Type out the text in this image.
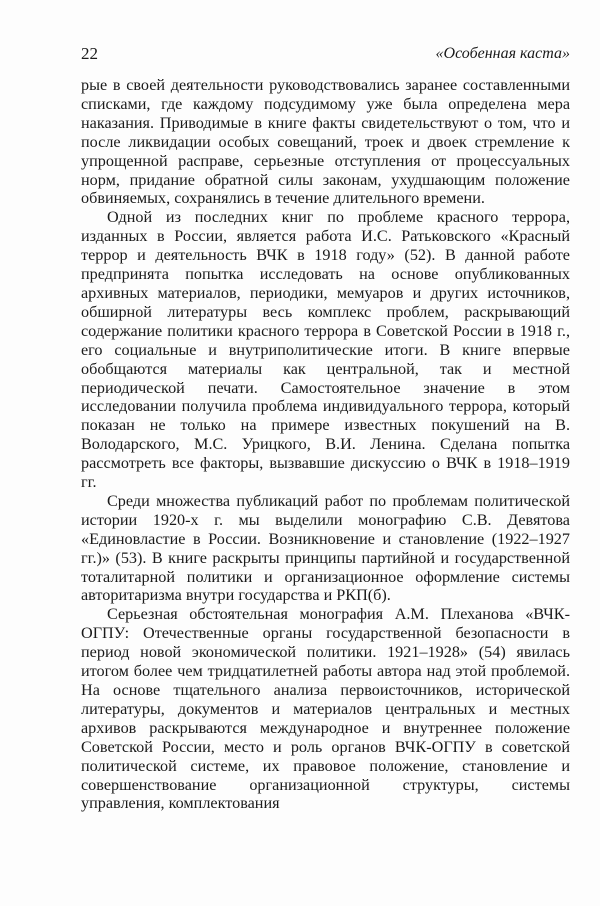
22	«Особенная каста»

рые в своей деятельности руководствовались заранее составленными списками, где каждому подсудимому уже была определена мера наказания. Приводимые в книге факты свидетельствуют о том, что и после ликвидации особых совещаний, троек и двоек стремление к упрощенной расправе, серьезные отступления от процессуальных норм, придание обратной силы законам, ухудшающим положение обвиняемых, сохранялись в течение длительного времени.

Одной из последних книг по проблеме красного террора, изданных в России, является работа И.С. Ратьковского «Красный террор и деятельность ВЧК в 1918 году» (52). В данной работе предпринята попытка исследовать на основе опубликованных архивных материалов, периодики, мемуаров и других источников, обширной литературы весь комплекс проблем, раскрывающий содержание политики красного террора в Советской России в 1918 г., его социальные и внутриполитические итоги. В книге впервые обобщаются материалы как центральной, так и местной периодической печати. Самостоятельное значение в этом исследовании получила проблема индивидуального террора, который показан не только на примере известных покушений на В. Володарского, М.С. Урицкого, В.И. Ленина. Сделана попытка рассмотреть все факторы, вызвавшие дискуссию о ВЧК в 1918–1919 гг.

Среди множества публикаций работ по проблемам политической истории 1920-х г. мы выделили монографию С.В. Девятова «Единовластие в России. Возникновение и становление (1922–1927 гг.)» (53). В книге раскрыты принципы партийной и государственной тоталитарной политики и организационное оформление системы авторитаризма внутри государства и РКП(б).

Серьезная обстоятельная монография А.М. Плеханова «ВЧК-ОГПУ: Отечественные органы государственной безопасности в период новой экономической политики. 1921–1928» (54) явилась итогом более чем тридцатилетней работы автора над этой проблемой. На основе тщательного анализа первоисточников, исторической литературы, документов и материалов центральных и местных архивов раскрываются международное и внутреннее положение Советской России, место и роль органов ВЧК-ОГПУ в советской политической системе, их правовое положение, становление и совершенствование организационной структуры, системы управления, комплектования
